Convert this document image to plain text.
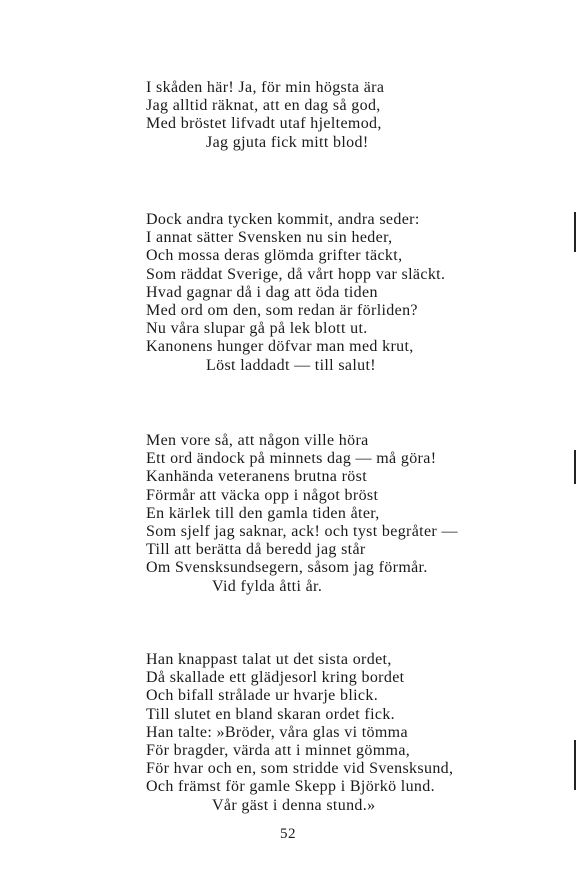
I skåden här! Ja, för min högsta ära
Jag alltid räknat, att en dag så god,
Med bröstet lifvadt utaf hjeltemod,
Jag gjuta fick mitt blod!
Dock andra tycken kommit, andra seder:
I annat sätter Svensken nu sin heder,
Och mossa deras glömda grifter täckt,
Som räddat Sverige, då vårt hopp var släckt.
Hvad gagnar då i dag att öda tiden
Med ord om den, som redan är förliden?
Nu våra slupar gå på lek blott ut.
Kanonens hunger döfvar man med krut,
Löst laddadt — till salut!
Men vore så, att någon ville höra
Ett ord ändock på minnets dag — må göra!
Kanhända veteranens brutna röst
Förmår att väcka opp i något bröst
En kärlek till den gamla tiden åter,
Som sjelf jag saknar, ack! och tyst begråter —
Till att berätta då beredd jag står
Om Svensksundsegern, såsom jag förmår.
Vid fylda åtti år.
Han knappast talat ut det sista ordet,
Då skallade ett glädjesorl kring bordet
Och bifall strålade ur hvarje blick.
Till slutet en bland skaran ordet fick.
Han talte: »Bröder, våra glas vi tömma
För bragder, värda att i minnet gömma,
För hvar och en, som stridde vid Svensksund,
Och främst för gamle Skepp i Björkö lund.
Vår gäst i denna stund.»
52
